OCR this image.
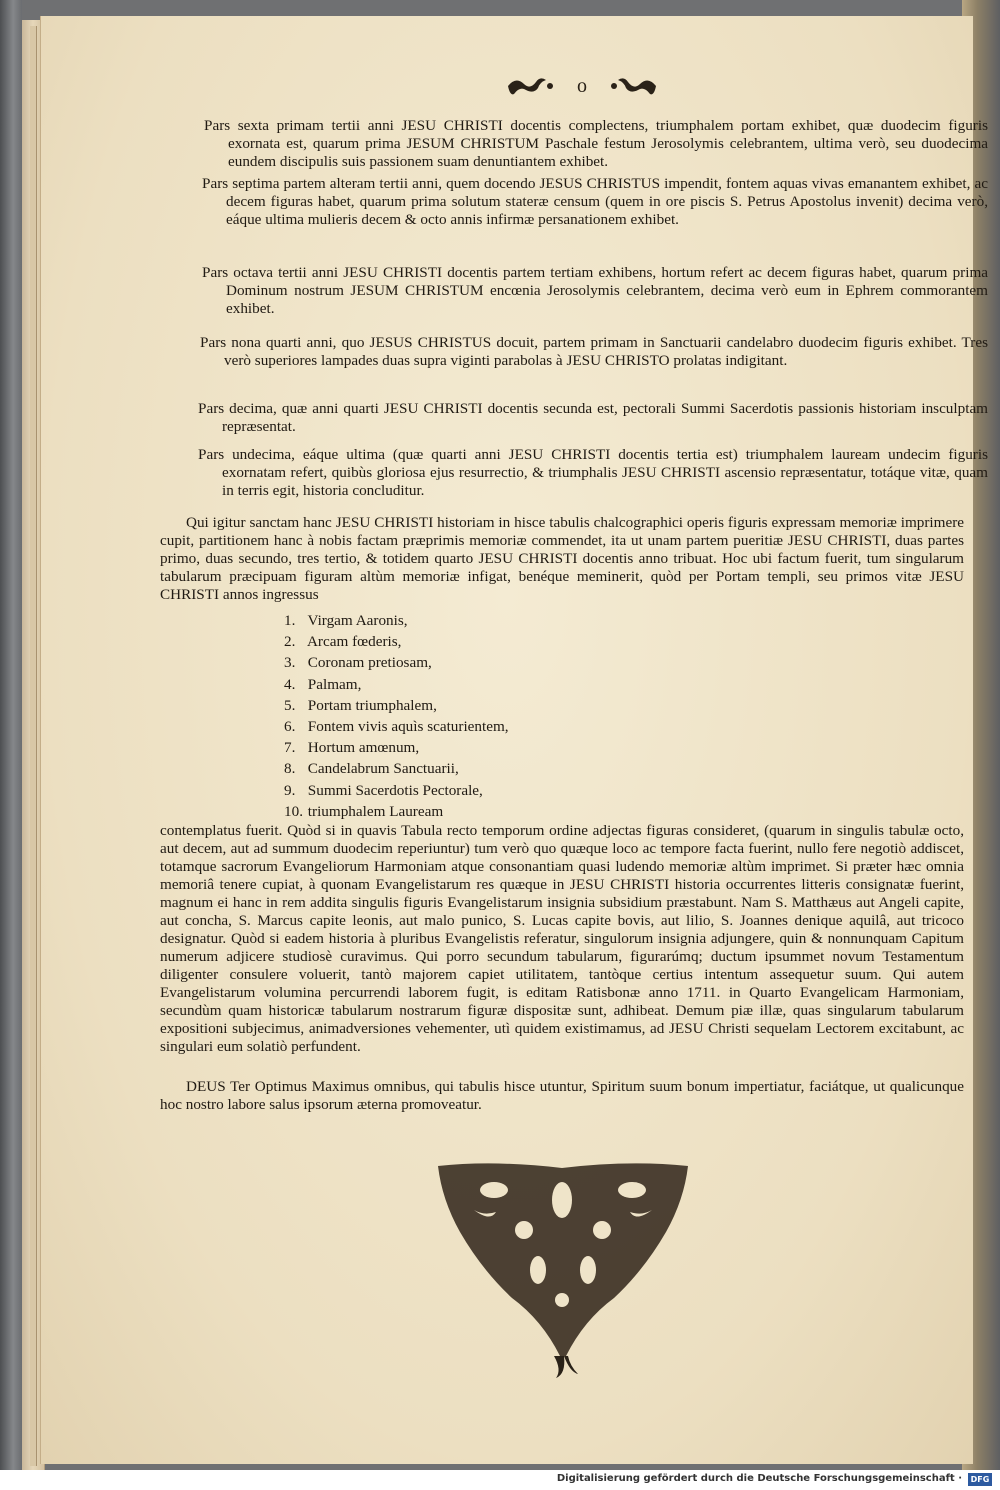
o
Pars sexta primam tertii anni JESU CHRISTI docentis complectens, triumphalem portam exhibet, quæ duodecim figuris exornata est, quarum prima JESUM CHRISTUM Paschale festum Jerosolymis celebrantem, ultima verò, seu duodecima eundem discipulis suis passionem suam denuntiantem exhibet.
Pars septima partem alteram tertii anni, quem docendo JESUS CHRISTUS impendit, fontem aquas vivas emanantem exhibet, ac decem figuras habet, quarum prima solutum stateræ censum (quem in ore piscis S. Petrus Apostolus invenit) decima verò, eáque ultima mulieris decem & octo annis infirmæ persanationem exhibet.
Pars octava tertii anni JESU CHRISTI docentis partem tertiam exhibens, hortum refert ac decem figuras habet, quarum prima Dominum nostrum JESUM CHRISTUM encœnia Jerosolymis celebrantem, decima verò eum in Ephrem commorantem exhibet.
Pars nona quarti anni, quo JESUS CHRISTUS docuit, partem primam in Sanctuarii candelabro duodecim figuris exhibet. Tres verò superiores lampades duas supra viginti parabolas à JESU CHRISTO prolatas indigitant.
Pars decima, quæ anni quarti JESU CHRISTI docentis secunda est, pectorali Summi Sacerdotis passionis historiam insculptam repræsentat.
Pars undecima, eáque ultima (quæ quarti anni JESU CHRISTI docentis tertia est) triumphalem lauream undecim figuris exornatam refert, quibùs gloriosa ejus resurrectio, & triumphalis JESU CHRISTI ascensio repræsentatur, totáque vitæ, quam in terris egit, historia concluditur.
Qui igitur sanctam hanc JESU CHRISTI historiam in hisce tabulis chalcographici operis figuris expressam memoriæ imprimere cupit, partitionem hanc à nobis factam præprimis memoriæ commendet, ita ut unam partem pueritiæ JESU CHRISTI, duas partes primo, duas secundo, tres tertio, & totidem quarto JESU CHRISTI docentis anno tribuat. Hoc ubi factum fuerit, tum singularum tabularum præcipuam figuram altùm memoriæ infigat, benéque meminerit, quòd per Portam templi, seu primos vitæ JESU CHRISTI annos ingressus
1. Virgam Aaronis,
2. Arcam fœderis,
3. Coronam pretiosam,
4. Palmam,
5. Portam triumphalem,
6. Fontem vivis aquìs scaturientem,
7. Hortum amœnum,
8. Candelabrum Sanctuarii,
9. Summi Sacerdotis Pectorale,
10. triumphalem Lauream
contemplatus fuerit. Quòd si in quavis Tabula recto temporum ordine adjectas figuras consideret, (quarum in singulis tabulæ octo, aut decem, aut ad summum duodecim reperiuntur) tum verò quo quæque loco ac tempore facta fuerint, nullo fere negotiò addiscet, totamque sacrorum Evangeliorum Harmoniam atque consonantiam quasi ludendo memoriæ altùm imprimet. Si præter hæc omnia memoriâ tenere cupiat, à quonam Evangelistarum res quæque in JESU CHRISTI historia occurrentes litteris consignatæ fuerint, magnum ei hanc in rem addita singulis figuris Evangelistarum insignia subsidium præstabunt. Nam S. Matthæus aut Angeli capite, aut concha, S. Marcus capite leonis, aut malo punico, S. Lucas capite bovis, aut lilio, S. Joannes denique aquilâ, aut tricoco designatur. Quòd si eadem historia à pluribus Evangelistis referatur, singulorum insignia adjungere, quin & nonnunquam Capitum numerum adjicere studiosè curavimus. Qui porro secundum tabularum, figurarúmq; ductum ipsummet novum Testamentum diligenter consulere voluerit, tantò majorem capiet utilitatem, tantòque certius intentum assequetur suum. Qui autem Evangelistarum volumina percurrendi laborem fugit, is editam Ratisbonæ anno 1711. in Quarto Evangelicam Harmoniam, secundùm quam historicæ tabularum nostrarum figuræ dispositæ sunt, adhibeat. Demum piæ illæ, quas singularum tabularum expositioni subjecimus, animadversiones vehementer, utì quidem existimamus, ad JESU Christi sequelam Lectorem excitabunt, ac singulari eum solatiò perfundent.
DEUS Ter Optimus Maximus omnibus, qui tabulis hisce utuntur, Spiritum suum bonum impertiatur, faciátque, ut qualicunque hoc nostro labore salus ipsorum æterna promoveatur.
Digitalisierung gefördert durch die Deutsche Forschungsgemeinschaft ·	DFG
